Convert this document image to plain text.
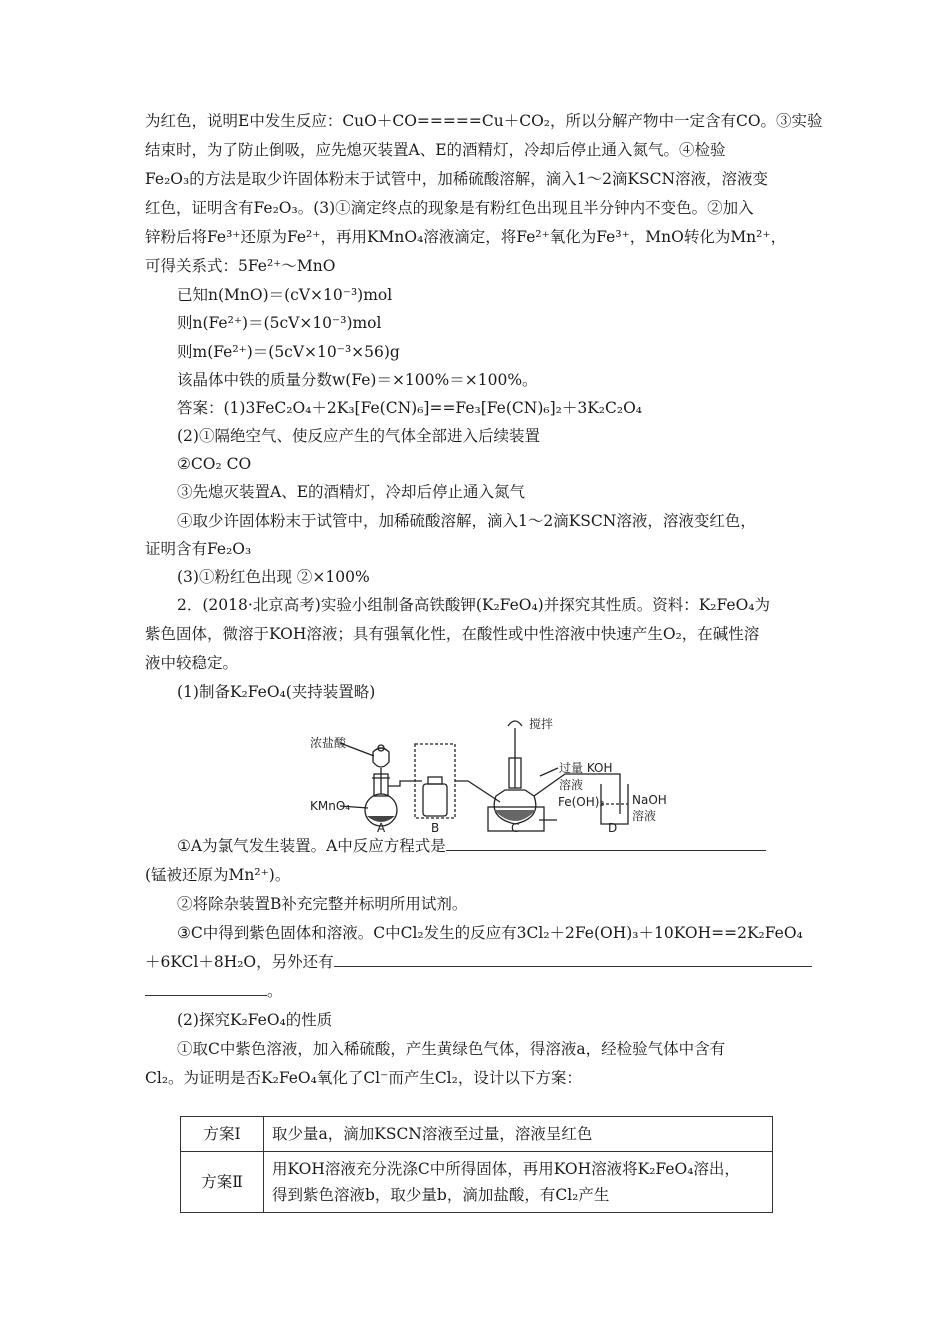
为红色，说明E中发生反应：CuO＋CO=====Cu＋CO₂，所以分解产物中一定含有CO。③实验
结束时，为了防止倒吸，应先熄灭装置A、E的酒精灯，冷却后停止通入氮气。④检验
Fe₂O₃的方法是取少许固体粉末于试管中，加稀硫酸溶解，滴入1～2滴KSCN溶液，溶液变
红色，证明含有Fe₂O₃。(3)①滴定终点的现象是有粉红色出现且半分钟内不变色。②加入
锌粉后将Fe³⁺还原为Fe²⁺，再用KMnO₄溶液滴定，将Fe²⁺氧化为Fe³⁺，MnO转化为Mn²⁺，
可得关系式：5Fe²⁺～MnO
已知n(MnO)＝(cV×10⁻³)mol
则n(Fe²⁺)＝(5cV×10⁻³)mol
则m(Fe²⁺)＝(5cV×10⁻³×56)g
该晶体中铁的质量分数w(Fe)＝×100%＝×100%。
答案：(1)3FeC₂O₄＋2K₃[Fe(CN)₆]==Fe₃[Fe(CN)₆]₂＋3K₂C₂O₄
(2)①隔绝空气、使反应产生的气体全部进入后续装置
②CO₂ CO
③先熄灭装置A、E的酒精灯，冷却后停止通入氮气
④取少许固体粉末于试管中，加稀硫酸溶解，滴入1～2滴KSCN溶液，溶液变红色，
证明含有Fe₂O₃
(3)①粉红色出现 ②×100%
2．(2018·北京高考)实验小组制备高铁酸钾(K₂FeO₄)并探究其性质。资料：K₂FeO₄为
紫色固体，微溶于KOH溶液；具有强氧化性，在酸性或中性溶液中快速产生O₂，在碱性溶
液中较稳定。
(1)制备K₂FeO₄(夹持装置略)
①A为氯气发生装置。A中反应方程式是
(锰被还原为Mn²⁺)。
②将除杂装置B补充完整并标明所用试剂。
③C中得到紫色固体和溶液。C中Cl₂发生的反应有3Cl₂＋2Fe(OH)₃＋10KOH==2K₂FeO₄
＋6KCl＋8H₂O，另外还有
。
(2)探究K₂FeO₄的性质
①取C中紫色溶液，加入稀硫酸，产生黄绿色气体，得溶液a，经检验气体中含有
Cl₂。为证明是否K₂FeO₄氧化了Cl⁻而产生Cl₂，设计以下方案：
浓盐酸
KMnO₄
搅拌
过量 KOH
溶液
Fe(OH)₃ NaOH
溶液
A	B	C	D
方案Ⅰ	取少量a，滴加KSCN溶液至过量，溶液呈红色

方案Ⅱ	用KOH溶液充分洗涤C中所得固体，再用KOH溶液将K₂FeO₄溶出，
得到紫色溶液b，取少量b，滴加盐酸，有Cl₂产生
